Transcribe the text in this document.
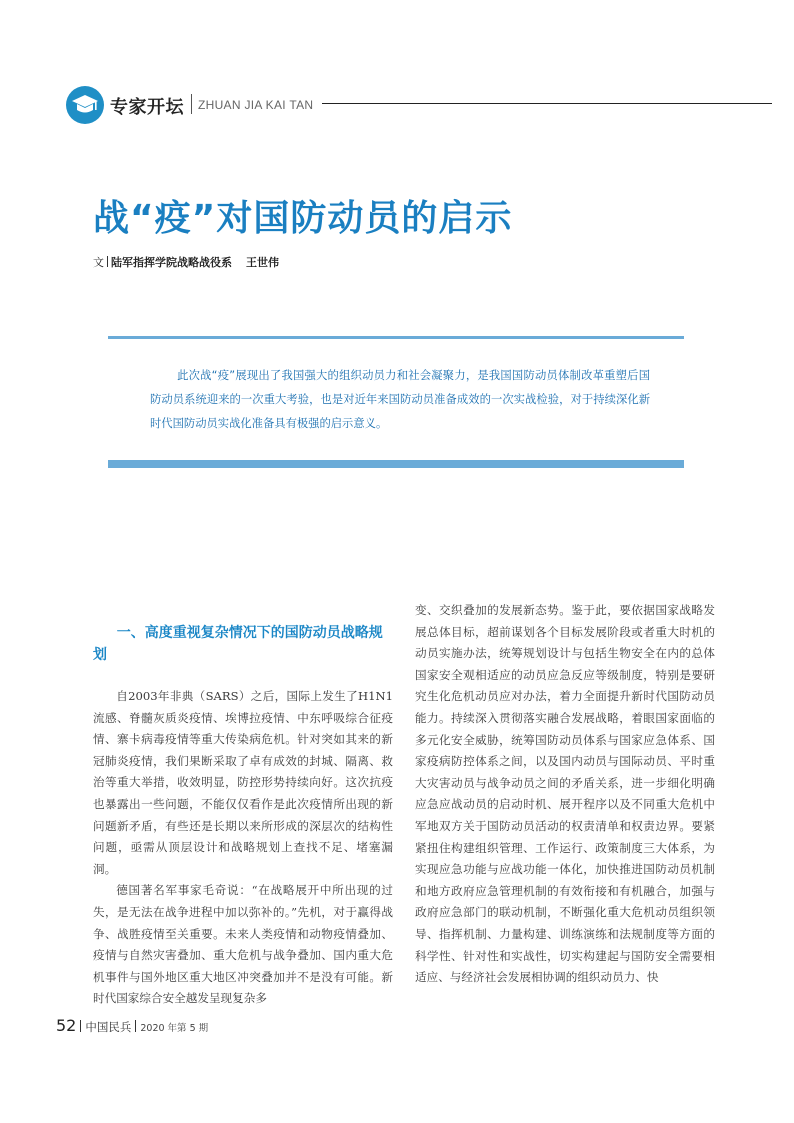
专家开坛 ZHUAN JIA KAI TAN
战“疫”对国防动员的启示
文 陆军指挥学院战略战役系 王世伟

此次战“疫”展现出了我国强大的组织动员力和社会凝聚力，是我国国防动员体制改革重塑后国防动员系统迎来的一次重大考验，也是对近年来国防动员准备成效的一次实战检验，对于持续深化新时代国防动员实战化准备具有极强的启示意义。

一、高度重视复杂情况下的国防动员战略规划

自2003年非典（SARS）之后，国际上发生了H1N1流感、脊髓灰质炎疫情、埃博拉疫情、中东呼吸综合征疫情、寨卡病毒疫情等重大传染病危机。针对突如其来的新冠肺炎疫情，我们果断采取了卓有成效的封城、隔离、救治等重大举措，收效明显，防控形势持续向好。这次抗疫也暴露出一些问题，不能仅仅看作是此次疫情所出现的新问题新矛盾，有些还是长期以来所形成的深层次的结构性问题，亟需从顶层设计和战略规划上查找不足、堵塞漏洞。

德国著名军事家毛奇说：“在战略展开中所出现的过失，是无法在战争进程中加以弥补的。”先机，对于赢得战争、战胜疫情至关重要。未来人类疫情和动物疫情叠加、疫情与自然灾害叠加、重大危机与战争叠加、国内重大危机事件与国外地区重大地区冲突叠加并不是没有可能。新时代国家综合安全越发呈现复杂多

变、交织叠加的发展新态势。鉴于此，要依据国家战略发展总体目标，超前谋划各个目标发展阶段或者重大时机的动员实施办法，统筹规划设计与包括生物安全在内的总体国家安全观相适应的动员应急反应等级制度，特别是要研究生化危机动员应对办法，着力全面提升新时代国防动员能力。持续深入贯彻落实融合发展战略，着眼国家面临的多元化安全威胁，统筹国防动员体系与国家应急体系、国家疫病防控体系之间，以及国内动员与国际动员、平时重大灾害动员与战争动员之间的矛盾关系，进一步细化明确应急应战动员的启动时机、展开程序以及不同重大危机中军地双方关于国防动员活动的权责清单和权责边界。要紧紧扭住构建组织管理、工作运行、政策制度三大体系，为实现应急功能与应战功能一体化，加快推进国防动员机制和地方政府应急管理机制的有效衔接和有机融合，加强与政府应急部门的联动机制，不断强化重大危机动员组织领导、指挥机制、力量构建、训练演练和法规制度等方面的科学性、针对性和实战性，切实构建起与国防安全需要相适应、与经济社会发展相协调的组织动员力、快

52 中国民兵 2020 年第 5 期
